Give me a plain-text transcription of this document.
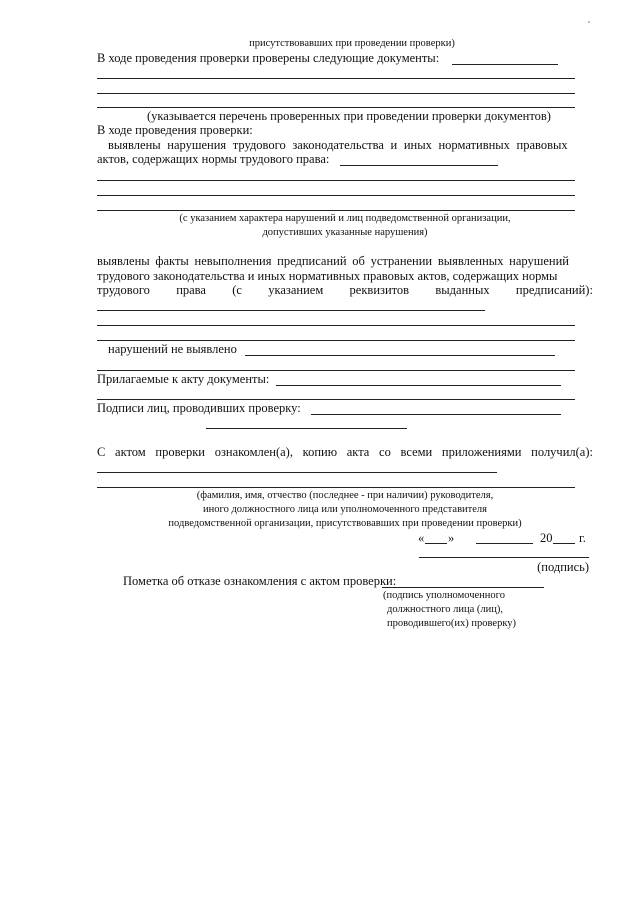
присутствовавших при проведении проверки)
В ходе проведения проверки проверены следующие документы:
(указывается перечень проверенных при проведении проверки документов)
В ходе проведения проверки:
выявлены нарушения трудового законодательства и иных нормативных правовых
актов, содержащих нормы трудового права:
(с указанием характера нарушений и лиц подведомственной организации,
допустивших указанные нарушения)
выявлены факты невыполнения предписаний об устранении выявленных нарушений
трудового законодательства и иных нормативных правовых актов, содержащих нормы
трудового права (с указанием реквизитов выданных предписаний):
нарушений не выявлено
Прилагаемые к акту документы:
Подписи лиц, проводивших проверку:
С актом проверки ознакомлен(а), копию акта со всеми приложениями получил(а):
(фамилия, имя, отчество (последнее - при наличии) руководителя,
иного должностного лица или уполномоченного представителя
подведомственной организации, присутствовавших при проведении проверки)
« »	20 г.
(подпись)
Пометка об отказе ознакомления с актом проверки:
(подпись уполномоченного
должностного лица (лиц),
проводившего(их) проверку)
